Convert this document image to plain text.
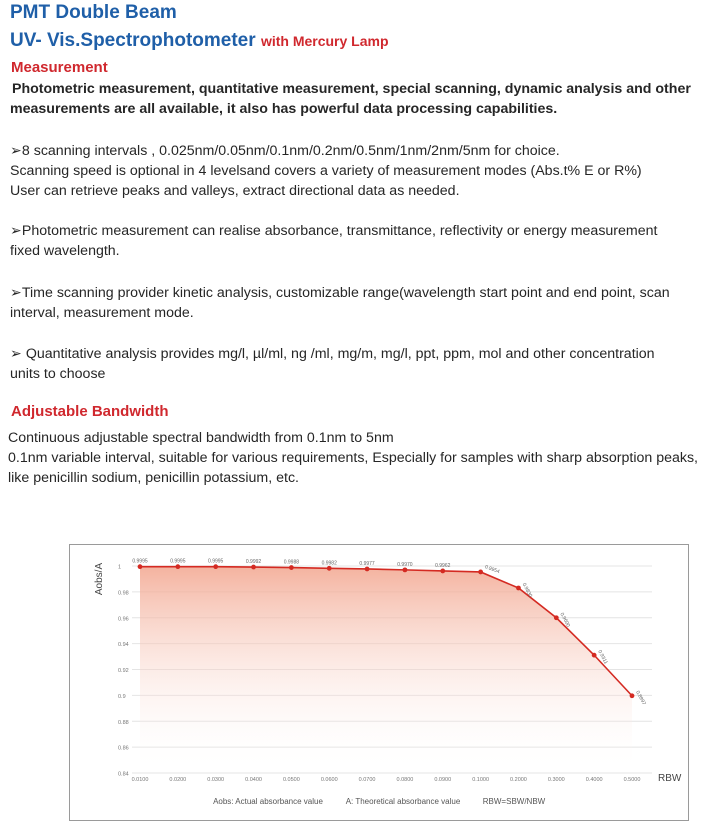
PMT Double Beam
UV- Vis.Spectrophotometer with Mercury Lamp
Measurement
Photometric measurement, quantitative measurement, special scanning, dynamic analysis and other
measurements are all available, it also has powerful data processing capabilities.
➢8 scanning intervals , 0.025nm/0.05nm/0.1nm/0.2nm/0.5nm/1nm/2nm/5nm for choice.
Scanning speed is optional in 4 levelsand covers a variety of measurement modes (Abs.t% E or R%)
User can retrieve peaks and valleys, extract directional data as needed.
➢Photometric measurement can realise absorbance, transmittance, reflectivity or energy measurement
fixed wavelength.
➢Time scanning provider kinetic analysis, customizable range(wavelength start point and end point, scan
interval, measurement mode.
➢ Quantitative analysis provides mg/l, µl/ml, ng /ml, mg/m, mg/l, ppt, ppm, mol and other concentration
units to choose
Adjustable Bandwidth
Continuous adjustable spectral bandwidth from 0.1nm to 5nm
0.1nm variable interval, suitable for various requirements, Especially for samples with sharp absorption peaks,
like penicillin sodium, penicillin potassium, etc.
1
0.98
0.96
0.94
0.92
0.9
0.88
0.86
0.84
0.0100	0.0200	0.0300	0.0400	0.0500	0.0600	0.0700	0.0800	0.0900	0.1000	0.2000	0.3000	0.4000	0.5000
0.9995	0.9995	0.9995	0.9992	0.9988	0.9982	0.9977	0.9970	0.9962	0.9954
0.9830
0.9600
0.9311
0.8997
Aobs/A
RBW
Aobs: Actual absorbance value	A: Theoretical absorbance value	RBW=SBW/NBW
